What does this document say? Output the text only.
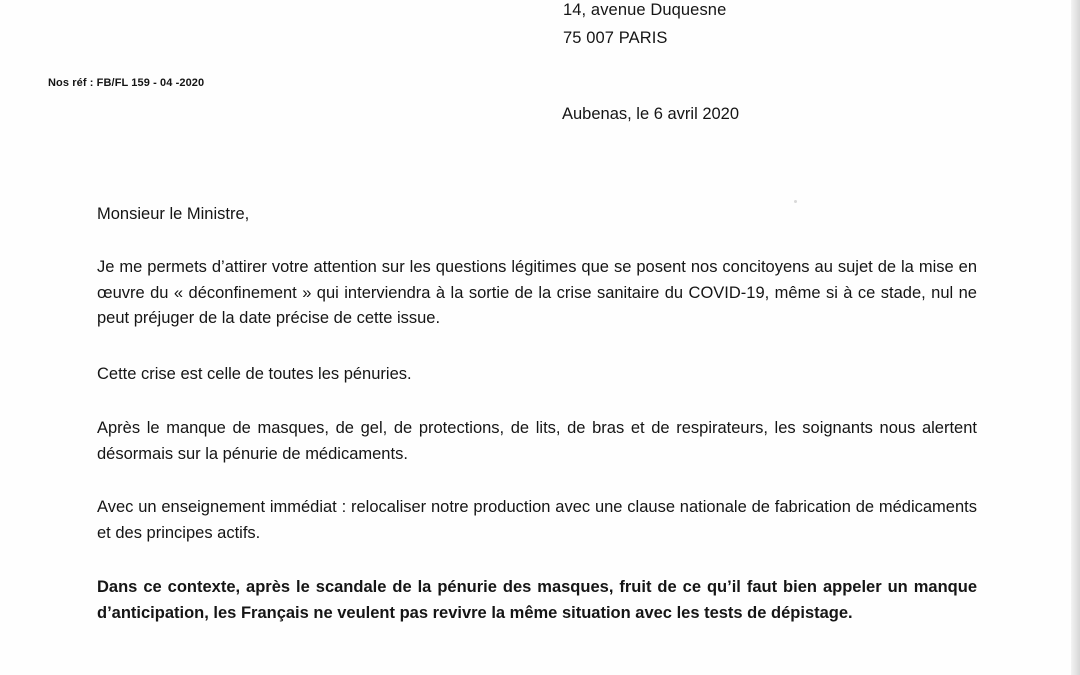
14, avenue Duquesne
75 007 PARIS
Nos réf : FB/FL 159 - 04 -2020
Aubenas, le 6 avril 2020
Monsieur le Ministre,

Je me permets d’attirer votre attention sur les questions légitimes que se posent nos concitoyens au sujet de la mise en œuvre du « déconfinement » qui interviendra à la sortie de la crise sanitaire du COVID-19, même si à ce stade, nul ne peut préjuger de la date précise de cette issue.

Cette crise est celle de toutes les pénuries.

Après le manque de masques, de gel, de protections, de lits, de bras et de respirateurs, les soignants nous alertent désormais sur la pénurie de médicaments.

Avec un enseignement immédiat : relocaliser notre production avec une clause nationale de fabrication de médicaments et des principes actifs.

Dans ce contexte, après le scandale de la pénurie des masques, fruit de ce qu’il faut bien appeler un manque d’anticipation, les Français ne veulent pas revivre la même situation avec les tests de dépistage.
